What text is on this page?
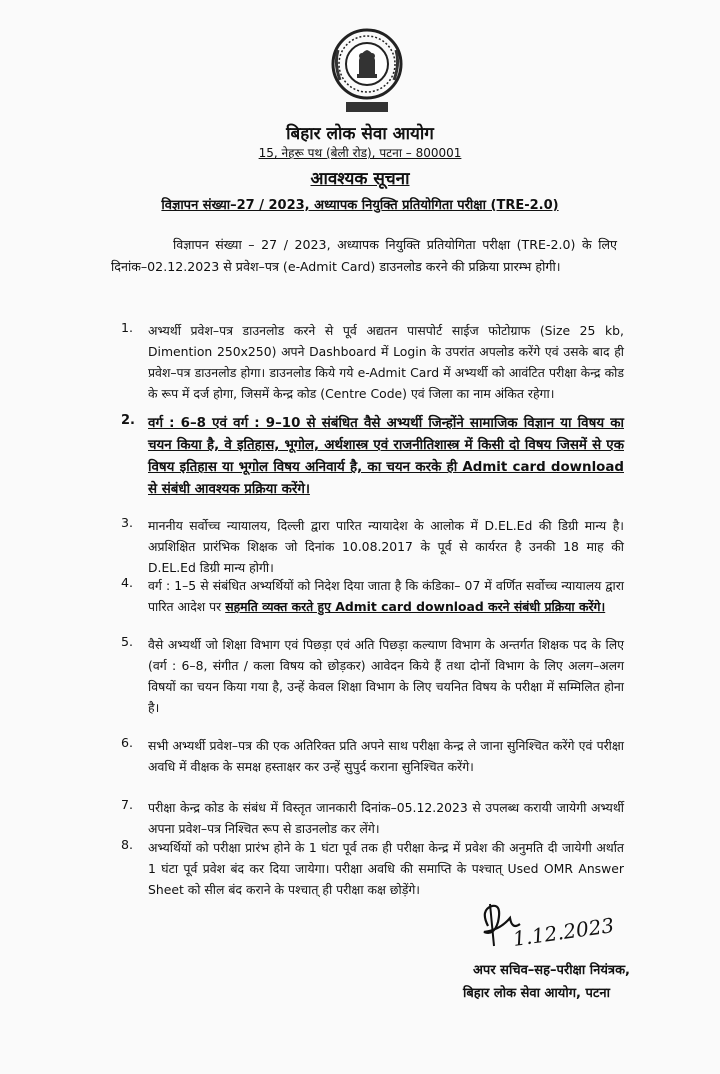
बिहार लोक सेवा आयोग
15, नेहरू पथ (बेली रोड), पटना – 800001
आवश्यक सूचना
विज्ञापन संख्या–27 / 2023, अध्यापक नियुक्ति प्रतियोगिता परीक्षा (TRE-2.0)
विज्ञापन संख्या – 27 / 2023, अध्यापक नियुक्ति प्रतियोगिता परीक्षा (TRE-2.0) के लिए दिनांक–02.12.2023 से प्रवेश–पत्र (e-Admit Card) डाउनलोड करने की प्रक्रिया प्रारम्भ होगी।
1. अभ्यर्थी प्रवेश–पत्र डाउनलोड करने से पूर्व अद्यतन पासपोर्ट साईज फोटोग्राफ (Size 25 kb, Dimention 250x250) अपने Dashboard में Login के उपरांत अपलोड करेंगे एवं उसके बाद ही प्रवेश–पत्र डाउनलोड होगा। डाउनलोड किये गये e-Admit Card में अभ्यर्थी को आवंटित परीक्षा केन्द्र कोड के रूप में दर्ज होगा, जिसमें केन्द्र कोड (Centre Code) एवं जिला का नाम अंकित रहेगा।
2. वर्ग : 6–8 एवं वर्ग : 9–10 से संबंधित वैसे अभ्यर्थी जिन्होंने सामाजिक विज्ञान या विषय का चयन किया है, वे इतिहास, भूगोल, अर्थशास्त्र एवं राजनीतिशास्त्र में किसी दो विषय जिसमें से एक विषय इतिहास या भूगोल विषय अनिवार्य है, का चयन करके ही Admit card download से संबंधी आवश्यक प्रक्रिया करेंगे।
3. माननीय सर्वोच्च न्यायालय, दिल्ली द्वारा पारित न्यायादेश के आलोक में D.EL.Ed की डिग्री मान्य है। अप्रशिक्षित प्रारंभिक शिक्षक जो दिनांक 10.08.2017 के पूर्व से कार्यरत है उनकी 18 माह की D.EL.Ed डिग्री मान्य होगी।
4. वर्ग : 1–5 से संबंधित अभ्यर्थियों को निदेश दिया जाता है कि कंडिका– 07 में वर्णित सर्वोच्च न्यायालय द्वारा पारित आदेश पर सहमति व्यक्त करते हुए Admit card download करने संबंधी प्रक्रिया करेंगे।
5. वैसे अभ्यर्थी जो शिक्षा विभाग एवं पिछड़ा एवं अति पिछड़ा कल्याण विभाग के अन्तर्गत शिक्षक पद के लिए (वर्ग : 6–8, संगीत / कला विषय को छोड़कर) आवेदन किये हैं तथा दोनों विभाग के लिए अलग–अलग विषयों का चयन किया गया है, उन्हें केवल शिक्षा विभाग के लिए चयनित विषय के परीक्षा में सम्मिलित होना है।
6. सभी अभ्यर्थी प्रवेश–पत्र की एक अतिरिक्त प्रति अपने साथ परीक्षा केन्द्र ले जाना सुनिश्चित करेंगे एवं परीक्षा अवधि में वीक्षक के समक्ष हस्ताक्षर कर उन्हें सुपुर्द कराना सुनिश्चित करेंगे।
7. परीक्षा केन्द्र कोड के संबंध में विस्तृत जानकारी दिनांक–05.12.2023 से उपलब्ध करायी जायेगी अभ्यर्थी अपना प्रवेश–पत्र निश्चित रूप से डाउनलोड कर लेंगे।
8. अभ्यर्थियों को परीक्षा प्रारंभ होने के 1 घंटा पूर्व तक ही परीक्षा केन्द्र में प्रवेश की अनुमति दी जायेगी अर्थात 1 घंटा पूर्व प्रवेश बंद कर दिया जायेगा। परीक्षा अवधि की समाप्ति के पश्चात् Used OMR Answer Sheet को सील बंद कराने के पश्चात् ही परीक्षा कक्ष छोड़ेंगे।
1.12.2023
अपर सचिव–सह–परीक्षा नियंत्रक,
बिहार लोक सेवा आयोग, पटना
